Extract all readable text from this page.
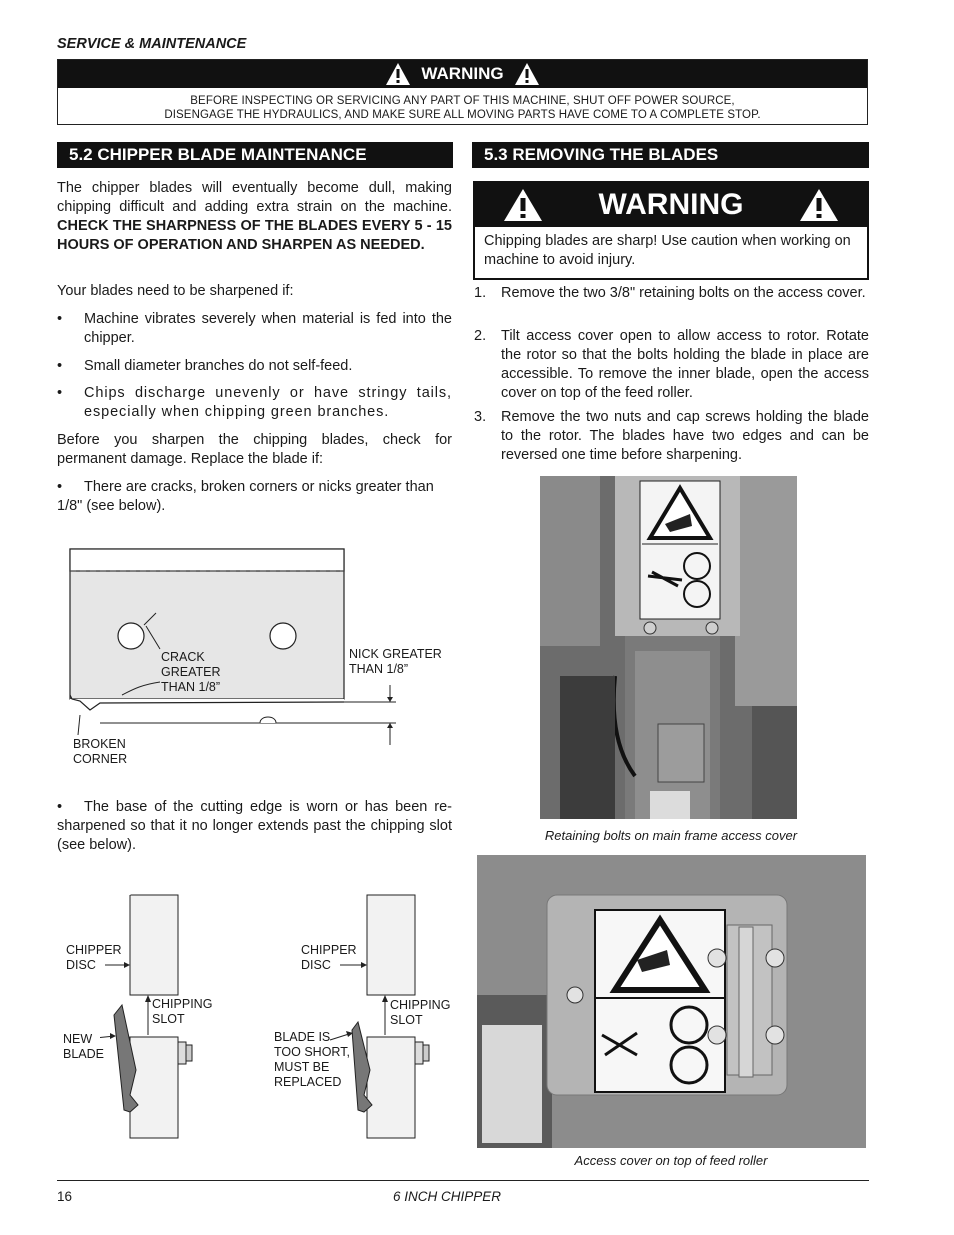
SERVICE & MAINTENANCE
WARNING
BEFORE INSPECTING OR SERVICING ANY PART OF THIS MACHINE, SHUT OFF POWER SOURCE,
DISENGAGE THE HYDRAULICS, AND MAKE SURE ALL MOVING PARTS HAVE COME TO A COMPLETE STOP.
5.2 CHIPPER BLADE MAINTENANCE
The chipper blades will eventually become dull, making chipping difficult and adding extra strain on the machine. CHECK THE SHARPNESS OF THE BLADES EVERY 5 - 15 HOURS OF OPERATION AND SHARPEN AS NEEDED.
Your blades need to be sharpened if:
•	Machine vibrates severely when material is fed into the chipper.
•	Small diameter branches do not self-feed.
•	Chips discharge unevenly or have stringy tails, especially when chipping green branches.
Before you sharpen the chipping blades, check for permanent damage. Replace the blade if:
•	There are cracks, broken corners or nicks greater than 1/8" (see below).
CRACK
GREATER
THAN 1/8”
NICK GREATER
THAN 1/8”
BROKEN
CORNER
•	The base of the cutting edge is worn or has been re-sharpened so that it no longer extends past the chipping slot (see below).
CHIPPER
DISC
CHIPPING
SLOT
NEW
BLADE
CHIPPER
DISC
CHIPPING
SLOT
BLADE IS
TOO SHORT,
MUST BE
REPLACED
5.3 REMOVING THE BLADES
WARNING
Chipping blades are sharp! Use caution when working on machine to avoid injury.
1.	Remove the two 3/8" retaining bolts on the access cover.
2.	Tilt access cover open to allow access to rotor. Rotate the rotor so that the bolts holding the blade in place are accessible. To remove the inner blade, open the access cover on top of the feed roller.
3.	Remove the two nuts and cap screws holding the blade to the rotor. The blades have two edges and can be reversed one time before sharpening.
Retaining bolts on main frame access cover
Access cover on top of feed roller
16	6 INCH CHIPPER
